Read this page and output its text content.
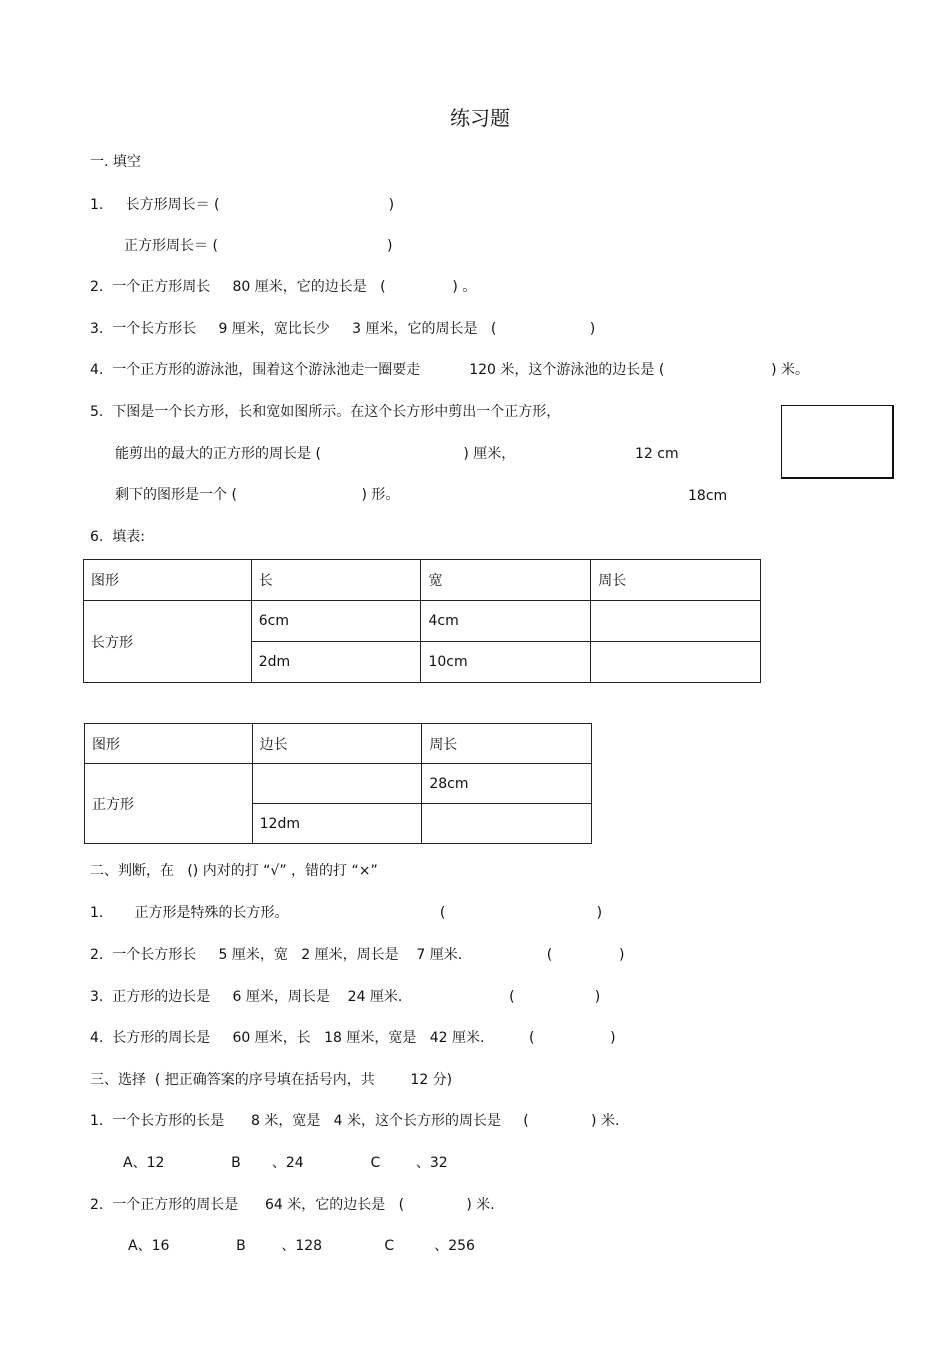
练习题
一. 填空
1.     长方形周长＝ (                                      )
正方形周长＝ (                                      )
2.  一个正方形周长     80 厘米，它的边长是   (               ) 。
3.  一个长方形长     9 厘米，宽比长少     3 厘米，它的周长是   (                     )
4.  一个正方形的游泳池，围着这个游泳池走一圈要走           120 米，这个游泳池的边长是 (                        ) 米。
5.  下图是一个长方形，长和宽如图所示。在这个长方形中剪出一个正方形，
能剪出的最大的正方形的周长是 (                                ) 厘米，
剩下的图形是一个 (                            ) 形。
12 cm
18cm
6.  填表:
图形	长	宽	周长
长方形	6cm	4cm	
	2dm	10cm	
图形	边长	周长
正方形		28cm
	12dm	
二、判断，在   () 内对的打 “√” ，错的打 “×”
1.       正方形是特殊的长方形。                                  (                                  )
2.  一个长方形长     5 厘米，宽   2 厘米，周长是    7 厘米.                   (               )
3.  正方形的边长是     6 厘米，周长是    24 厘米.                        (                  )
4.  长方形的周长是     60 厘米，长   18 厘米，宽是   42 厘米.          (                 )
三、选择  ( 把正确答案的序号填在括号内，共        12 分)
1.  一个长方形的长是      8 米，宽是   4 米，这个长方形的周长是     (              ) 米.
A、12               B       、24               C        、32
2.  一个正方形的周长是      64 米，它的边长是   (              ) 米.
A、16               B        、128              C         、256
